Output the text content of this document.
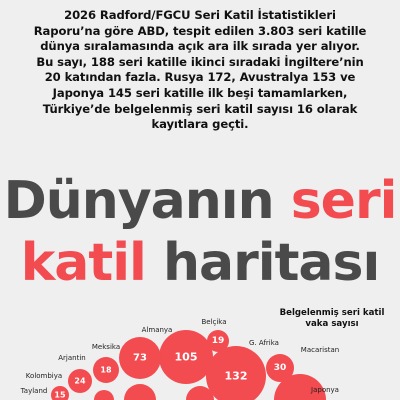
2026 Radford/FGCU Seri Katil İstatistikleri
Raporu’na göre ABD, tespit edilen 3.803 seri katille
dünya sıralamasında açık ara ilk sırada yer alıyor.
Bu sayı, 188 seri katille ikinci sıradaki İngiltere’nin
20 katından fazla. Rusya 172, Avustralya 153 ve
Japonya 145 seri katille ilk beşi tamamlarken,
Türkiye’de belgelenmiş seri katil sayısı 16 olarak
kayıtlara geçti.
Dünyanın seri
katil haritası
Belgelenmiş seri katil
vaka sayısı
105
Almanya
73
Meksika
19
Belçika
132
G. Afrika
18
Arjantin
30
Macaristan
24
Kolombiya
Japonya
15
Tayland
